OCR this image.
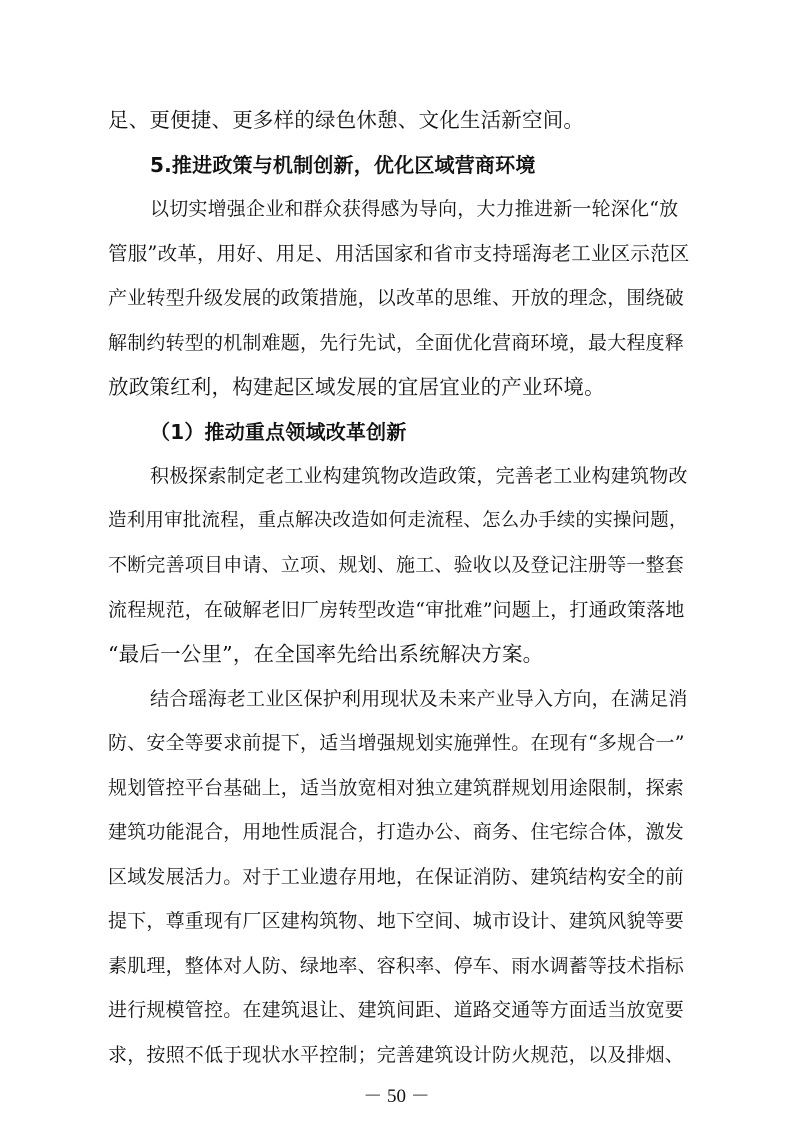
足、更便捷、更多样的绿色休憩、文化生活新空间。
5.推进政策与机制创新，优化区域营商环境
以切实增强企业和群众获得感为导向，大力推进新一轮深化“放
管服”改革，用好、用足、用活国家和省市支持瑶海老工业区示范区
产业转型升级发展的政策措施，以改革的思维、开放的理念，围绕破
解制约转型的机制难题，先行先试，全面优化营商环境，最大程度释
放政策红利，构建起区域发展的宜居宜业的产业环境。
（1）推动重点领域改革创新
积极探索制定老工业构建筑物改造政策，完善老工业构建筑物改
造利用审批流程，重点解决改造如何走流程、怎么办手续的实操问题，
不断完善项目申请、立项、规划、施工、验收以及登记注册等一整套
流程规范，在破解老旧厂房转型改造“审批难”问题上，打通政策落地
“最后一公里”，在全国率先给出系统解决方案。
结合瑶海老工业区保护利用现状及未来产业导入方向，在满足消
防、安全等要求前提下，适当增强规划实施弹性。在现有“多规合一”
规划管控平台基础上，适当放宽相对独立建筑群规划用途限制，探索
建筑功能混合，用地性质混合，打造办公、商务、住宅综合体，激发
区域发展活力。对于工业遗存用地，在保证消防、建筑结构安全的前
提下，尊重现有厂区建构筑物、地下空间、城市设计、建筑风貌等要
素肌理，整体对人防、绿地率、容积率、停车、雨水调蓄等技术指标
进行规模管控。在建筑退让、建筑间距、道路交通等方面适当放宽要
求，按照不低于现状水平控制；完善建筑设计防火规范，以及排烟、
－ 50 －
